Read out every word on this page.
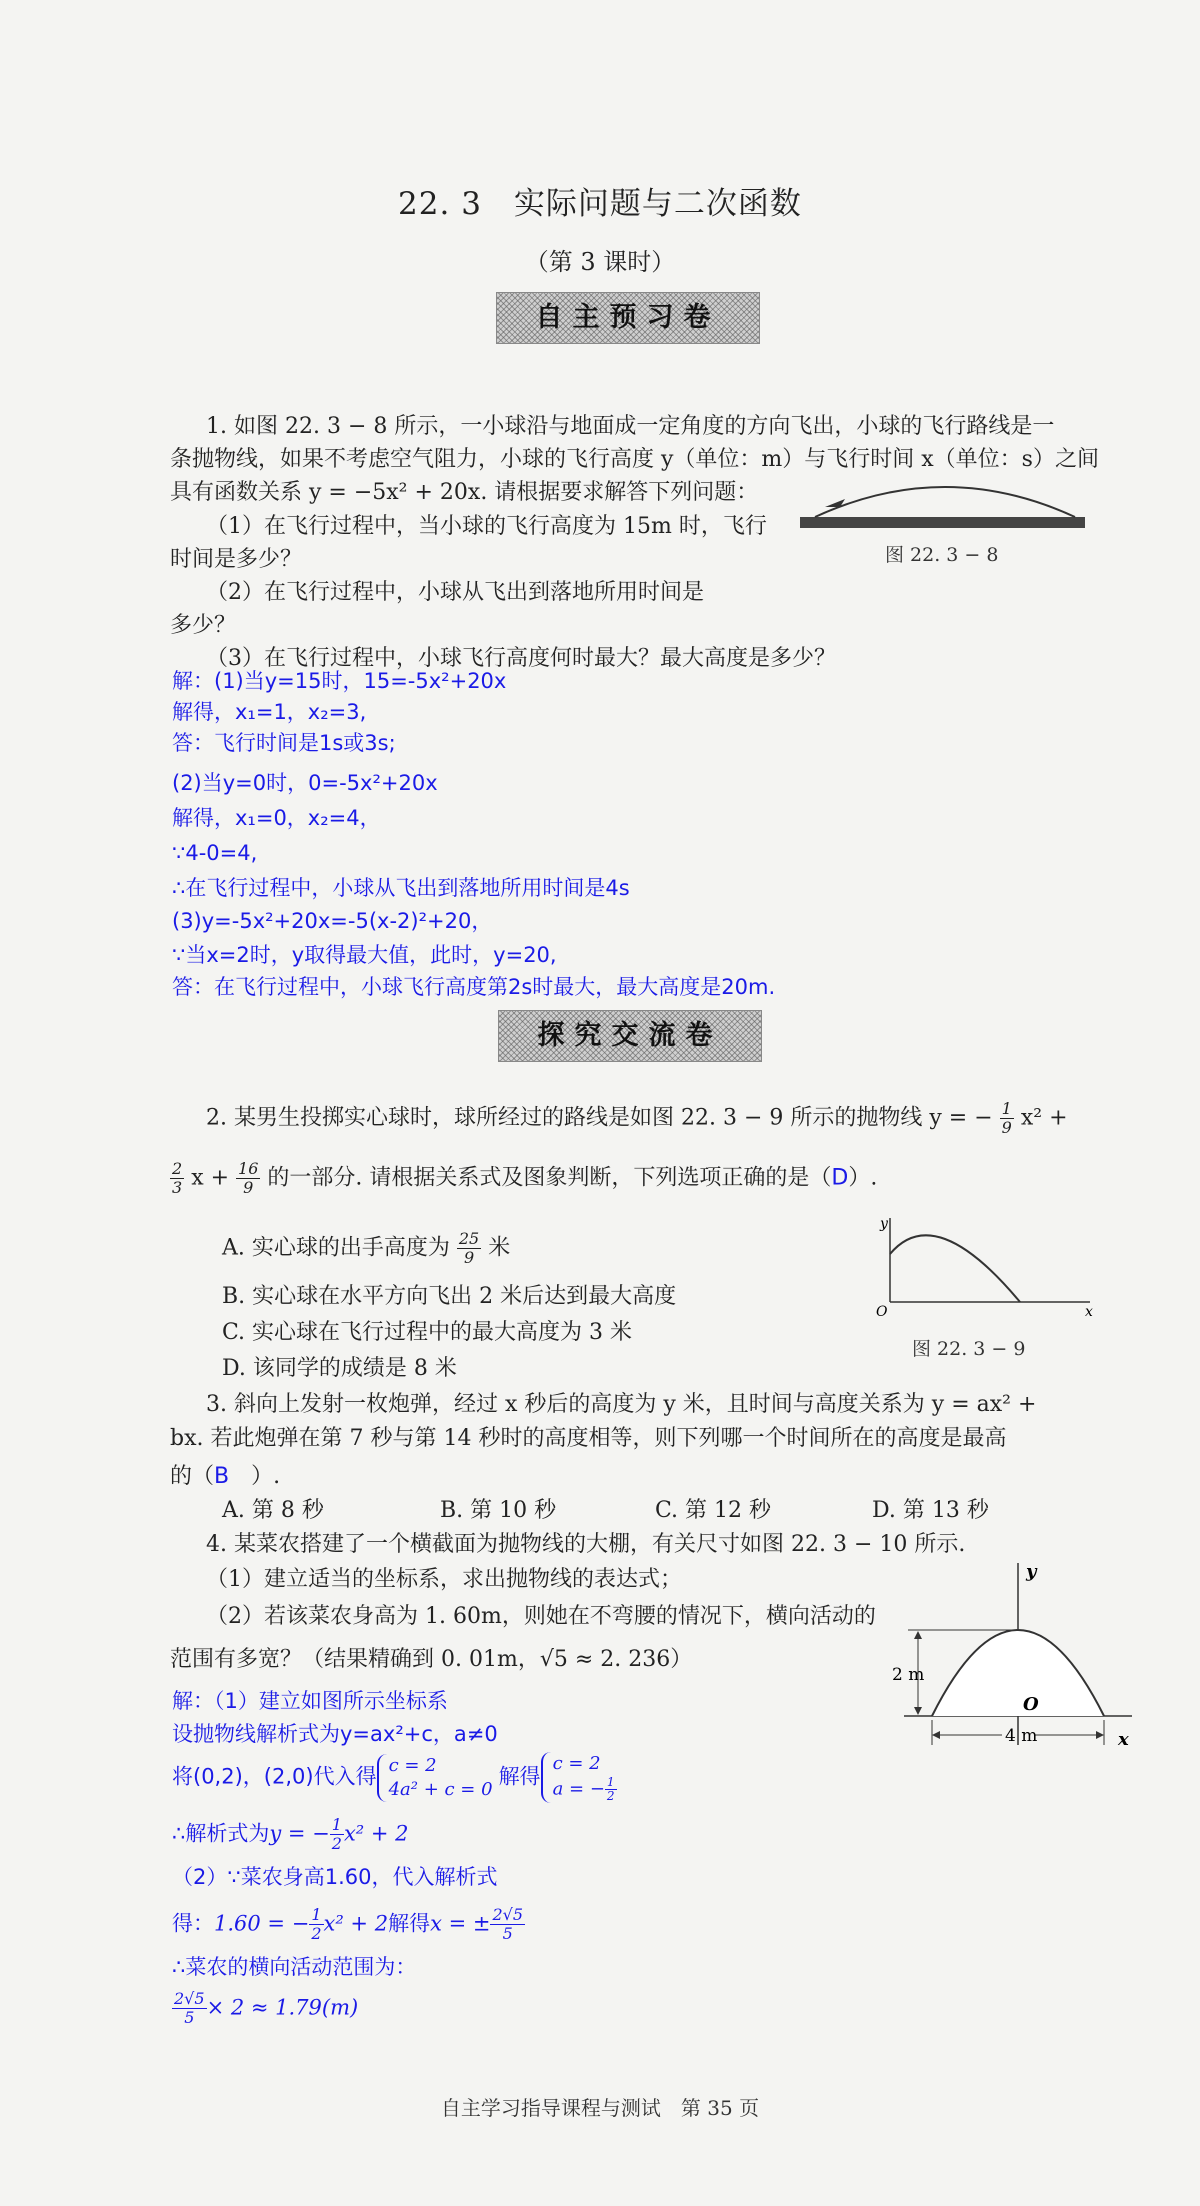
22. 3　实际问题与二次函数
（第 3 课时）
自主预习卷
1. 如图 22. 3 − 8 所示，一小球沿与地面成一定角度的方向飞出，小球的飞行路线是一
条抛物线，如果不考虑空气阻力，小球的飞行高度 y（单位：m）与飞行时间 x（单位：s）之间
具有函数关系 y = −5x² + 20x. 请根据要求解答下列问题：
（1）在飞行过程中，当小球的飞行高度为 15m 时，飞行
时间是多少？
（2）在飞行过程中，小球从飞出到落地所用时间是
多少？
（3）在飞行过程中，小球飞行高度何时最大？最大高度是多少？
图 22. 3 − 8
解：(1)当y=15时，15=-5x²+20x
解得，x₁=1，x₂=3,
答：飞行时间是1s或3s;
(2)当y=0时，0=-5x²+20x
解得，x₁=0，x₂=4，
∵4-0=4,
∴在飞行过程中，小球从飞出到落地所用时间是4s
(3)y=-5x²+20x=-5(x-2)²+20，
∵当x=2时，y取得最大值，此时，y=20,
答：在飞行过程中，小球飞行高度第2s时最大，最大高度是20m.
探究交流卷
2. 某男生投掷实心球时，球所经过的路线是如图 22. 3 − 9 所示的抛物线 y = − $\frac{1}{9} x^2$ +
$\frac{2}{3}$ $x + \frac{16}{9}$ 的一部分. 请根据关系式及图象判断，下列选项正确的是（D）.
A. 实心球的出手高度为 $\frac{25}{9}$ 米
B. 实心球在水平方向飞出 2 米后达到最大高度
C. 实心球在飞行过程中的最大高度为 3 米
D. 该同学的成绩是 8 米
y
x
O
图 22. 3 − 9
3. 斜向上发射一枚炮弹，经过 x 秒后的高度为 y 米，且时间与高度关系为 y = ax² +
bx. 若此炮弹在第 7 秒与第 14 秒时的高度相等，则下列哪一个时间所在的高度是最高
的（B ）.
A. 第 8 秒	B. 第 10 秒	C. 第 12 秒	D. 第 13 秒
4. 某菜农搭建了一个横截面为抛物线的大棚，有关尺寸如图 22. 3 − 10 所示.
（1）建立适当的坐标系，求出抛物线的表达式；
（2）若该菜农身高为 1. 60m，则她在不弯腰的情况下，横向活动的
范围有多宽？（结果精确到 0. 01m，√5 ≈ 2. 236）
2 m
4 m
y
x
O
解：（1）建立如图所示坐标系
设抛物线解析式为y=ax²+c，a≠0
将(0,2)，(2,0)代入得 c = 2
4a² + c = 0
解得
c = 2
a = − $\frac{1}{2}$
∴解析式为y = − $\frac{1}{2} x^2 + 2$
（2）∵菜农身高1.60，代入解析式
得：1.60 = − $\frac{1}{2} x^2 + 2$解得x = ± $\frac{2√5}{5}$
∴菜农的横向活动范围为：
$\frac{2√5}{5} \times 2 \approx 1.79(m)$
自主学习指导课程与测试　第 35 页
